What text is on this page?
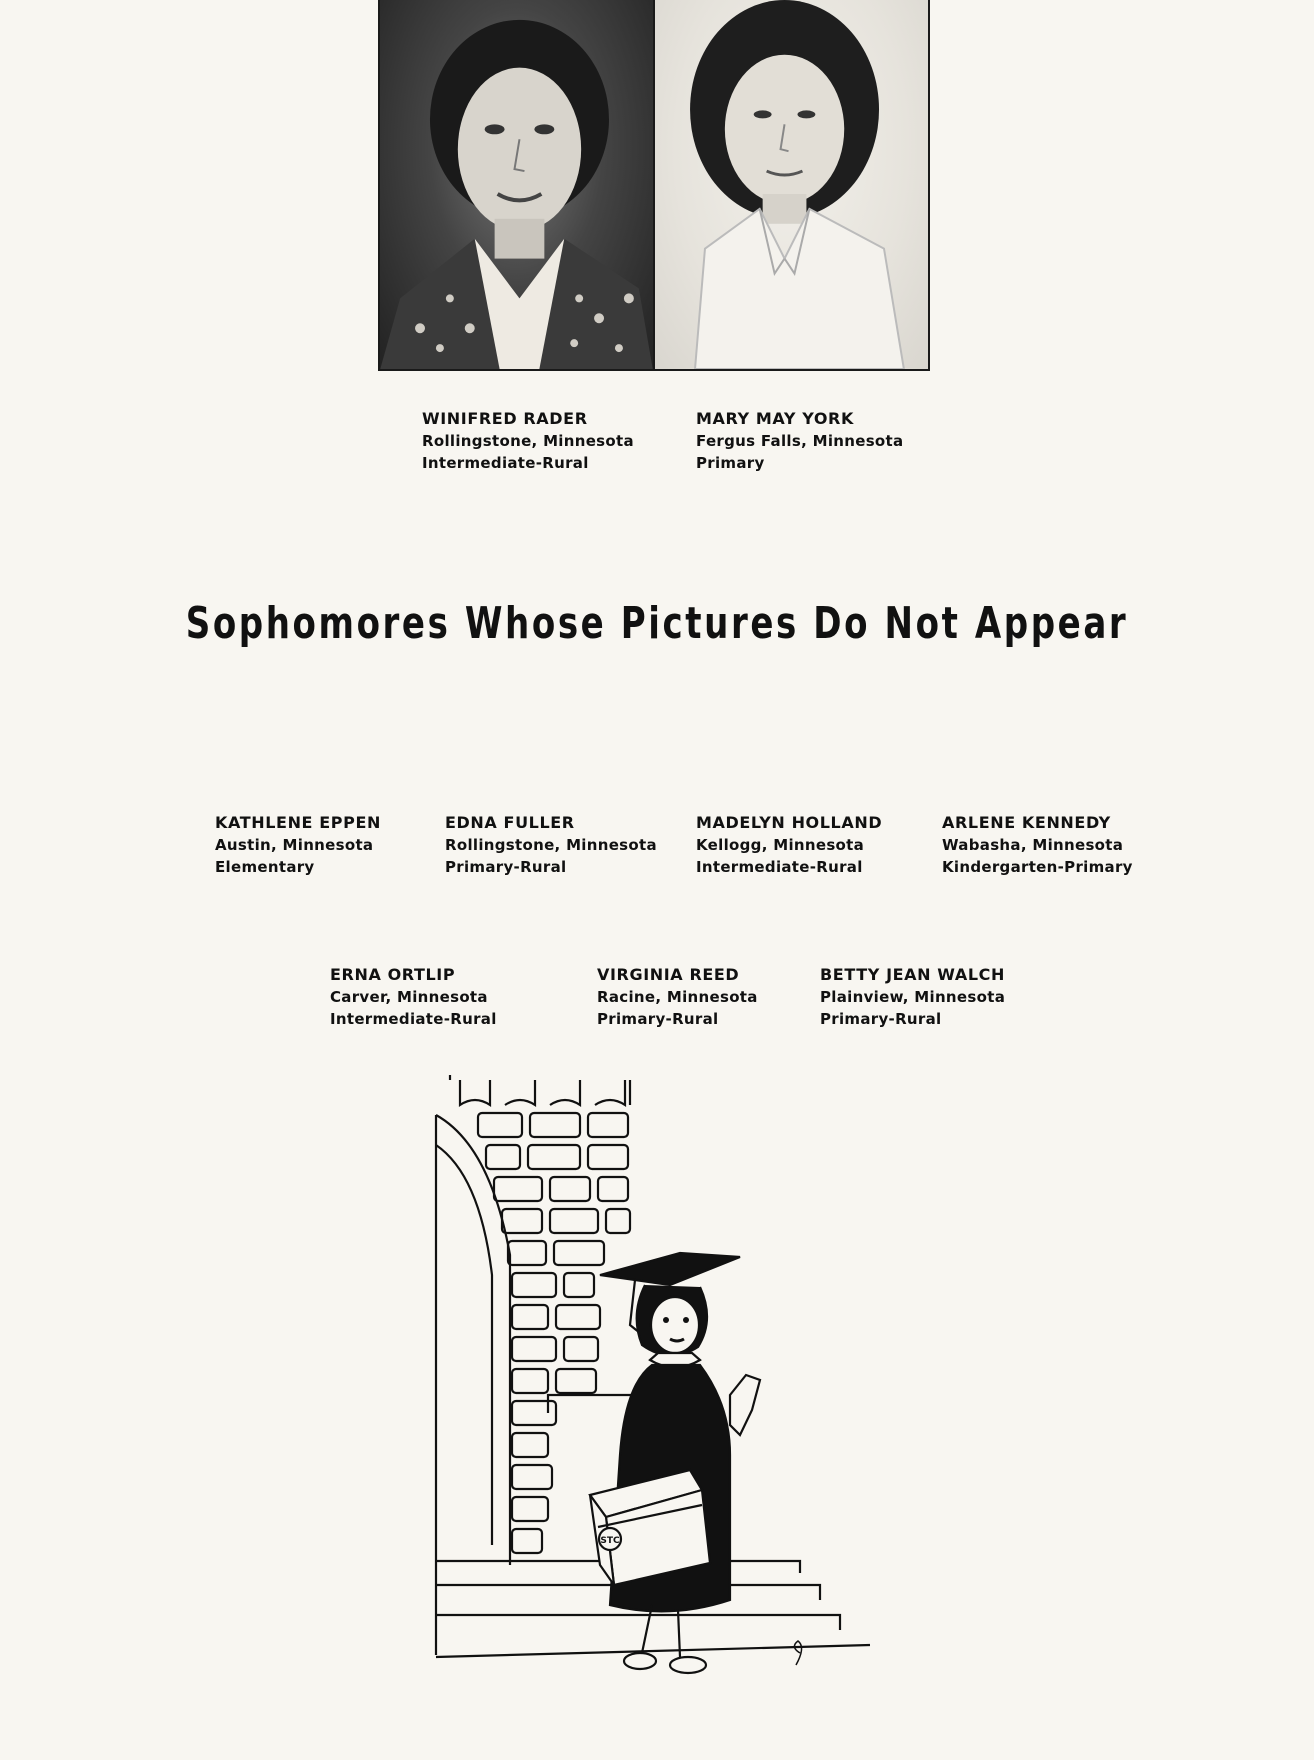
WINIFRED RADER
Rollingstone, Minnesota
Intermediate-Rural
MARY MAY YORK
Fergus Falls, Minnesota
Primary
Sophomores Whose Pictures Do Not Appear
KATHLENE EPPEN
Austin, Minnesota
Elementary
EDNA FULLER
Rollingstone, Minnesota
Primary-Rural
MADELYN HOLLAND
Kellogg, Minnesota
Intermediate-Rural
ARLENE KENNEDY
Wabasha, Minnesota
Kindergarten-Primary
ERNA ORTLIP
Carver, Minnesota
Intermediate-Rural
VIRGINIA REED
Racine, Minnesota
Primary-Rural
BETTY JEAN WALCH
Plainview, Minnesota
Primary-Rural
STC
